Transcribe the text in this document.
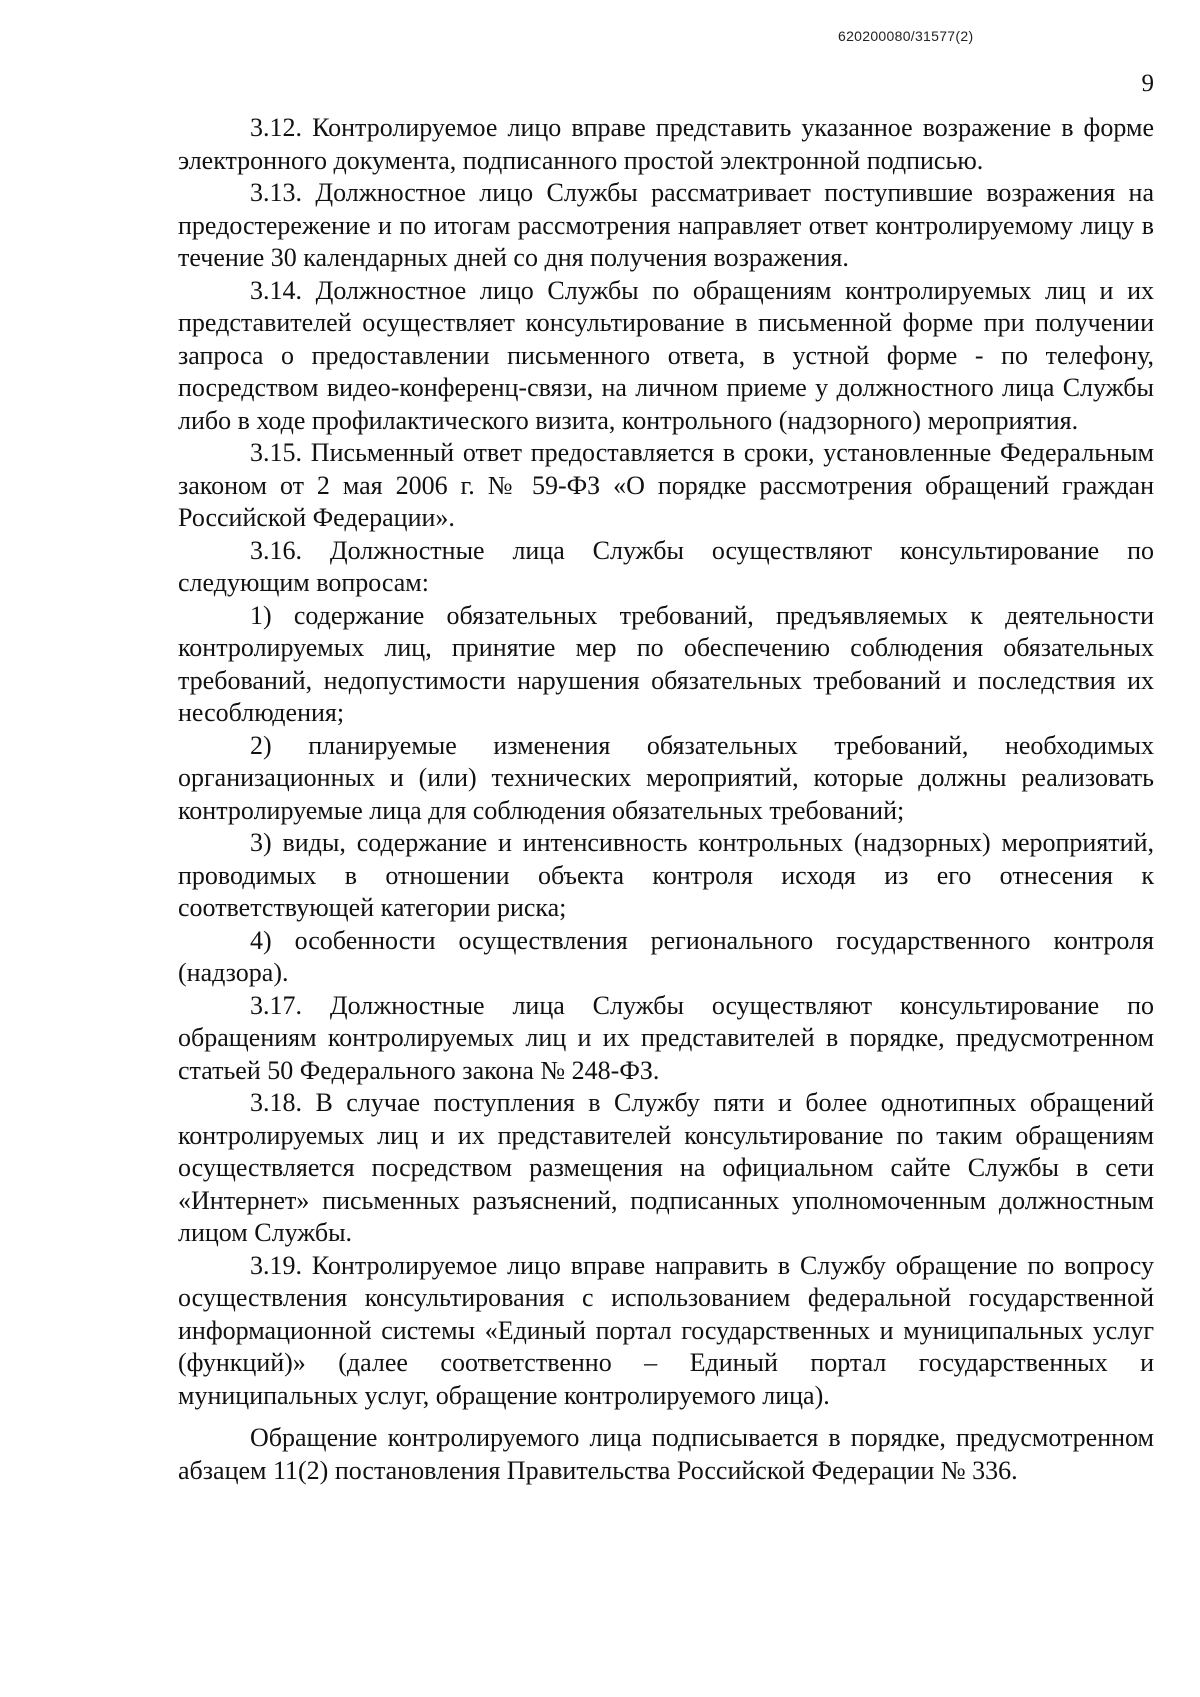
620200080/31577(2)
9

3.12. Контролируемое лицо вправе представить указанное возражение в форме электронного документа, подписанного простой электронной подписью.

3.13. Должностное лицо Службы рассматривает поступившие возражения на предостережение и по итогам рассмотрения направляет ответ контролируемому лицу в течение 30 календарных дней со дня получения возражения.

3.14. Должностное лицо Службы по обращениям контролируемых лиц и их представителей осуществляет консультирование в письменной форме при получении запроса о предоставлении письменного ответа, в устной форме - по телефону, посредством видео-конференц-связи, на личном приеме у должностного лица Службы либо в ходе профилактического визита, контрольного (надзорного) мероприятия.

3.15. Письменный ответ предоставляется в сроки, установленные Федеральным законом от 2 мая 2006 г. № 59-ФЗ «О порядке рассмотрения обращений граждан Российской Федерации».

3.16. Должностные лица Службы осуществляют консультирование по следующим вопросам:

1) содержание обязательных требований, предъявляемых к деятельности контролируемых лиц, принятие мер по обеспечению соблюдения обязательных требований, недопустимости нарушения обязательных требований и последствия их несоблюдения;

2) планируемые изменения обязательных требований, необходимых организационных и (или) технических мероприятий, которые должны реализовать контролируемые лица для соблюдения обязательных требований;

3) виды, содержание и интенсивность контрольных (надзорных) мероприятий, проводимых в отношении объекта контроля исходя из его отнесения к соответствующей категории риска;

4) особенности осуществления регионального государственного контроля (надзора).

3.17. Должностные лица Службы осуществляют консультирование по обращениям контролируемых лиц и их представителей в порядке, предусмотренном статьей 50 Федерального закона № 248-ФЗ.

3.18. В случае поступления в Службу пяти и более однотипных обращений контролируемых лиц и их представителей консультирование по таким обращениям осуществляется посредством размещения на официальном сайте Службы в сети «Интернет» письменных разъяснений, подписанных уполномоченным должностным лицом Службы.

3.19. Контролируемое лицо вправе направить в Службу обращение по вопросу осуществления консультирования с использованием федеральной государственной информационной системы «Единый портал государственных и муниципальных услуг (функций)» (далее соответственно – Единый портал государственных и муниципальных услуг, обращение контролируемого лица).

Обращение контролируемого лица подписывается в порядке, предусмотренном абзацем 11(2) постановления Правительства Российской Федерации № 336.
